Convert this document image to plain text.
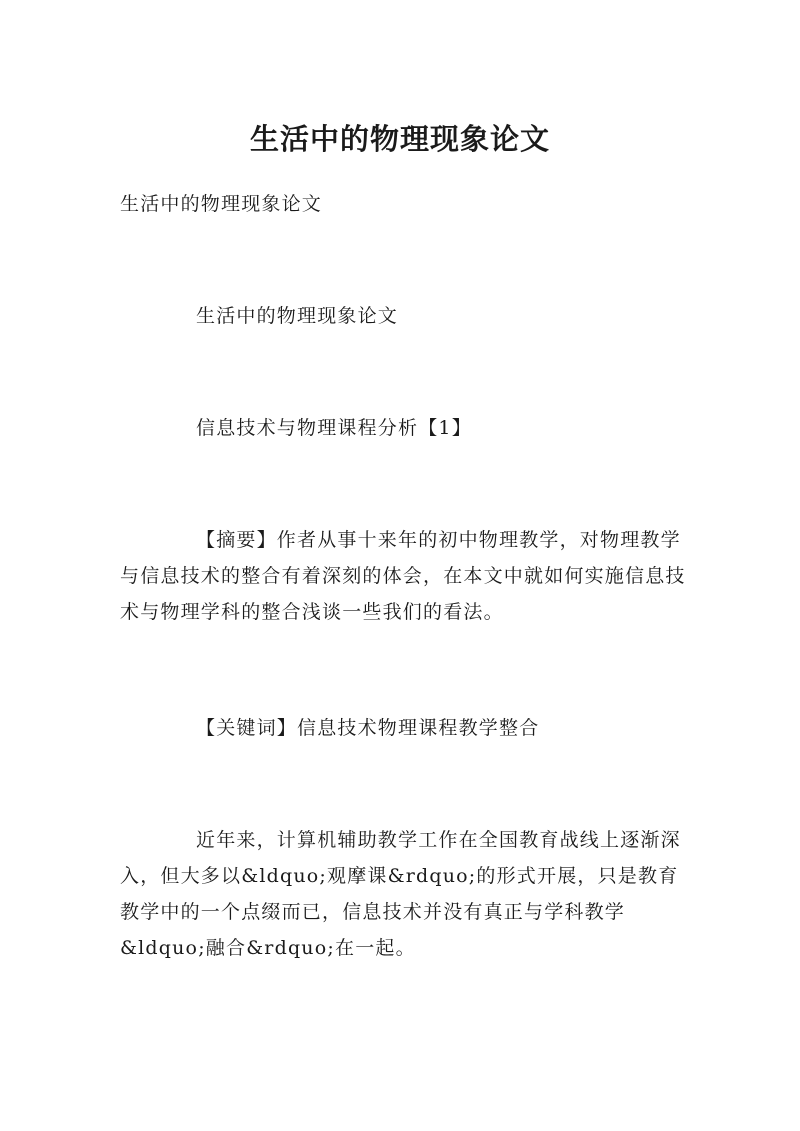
生活中的物理现象论文

生活中的物理现象论文

生活中的物理现象论文

信息技术与物理课程分析【1】

【摘要】作者从事十来年的初中物理教学，对物理教学与信息技术的整合有着深刻的体会，在本文中就如何实施信息技术与物理学科的整合浅谈一些我们的看法。

【关键词】信息技术物理课程教学整合

近年来，计算机辅助教学工作在全国教育战线上逐渐深入，但大多以&ldquo;观摩课&rdquo;的形式开展，只是教育教学中的一个点缀而已，信息技术并没有真正与学科教学&ldquo;融合&rdquo;在一起。
